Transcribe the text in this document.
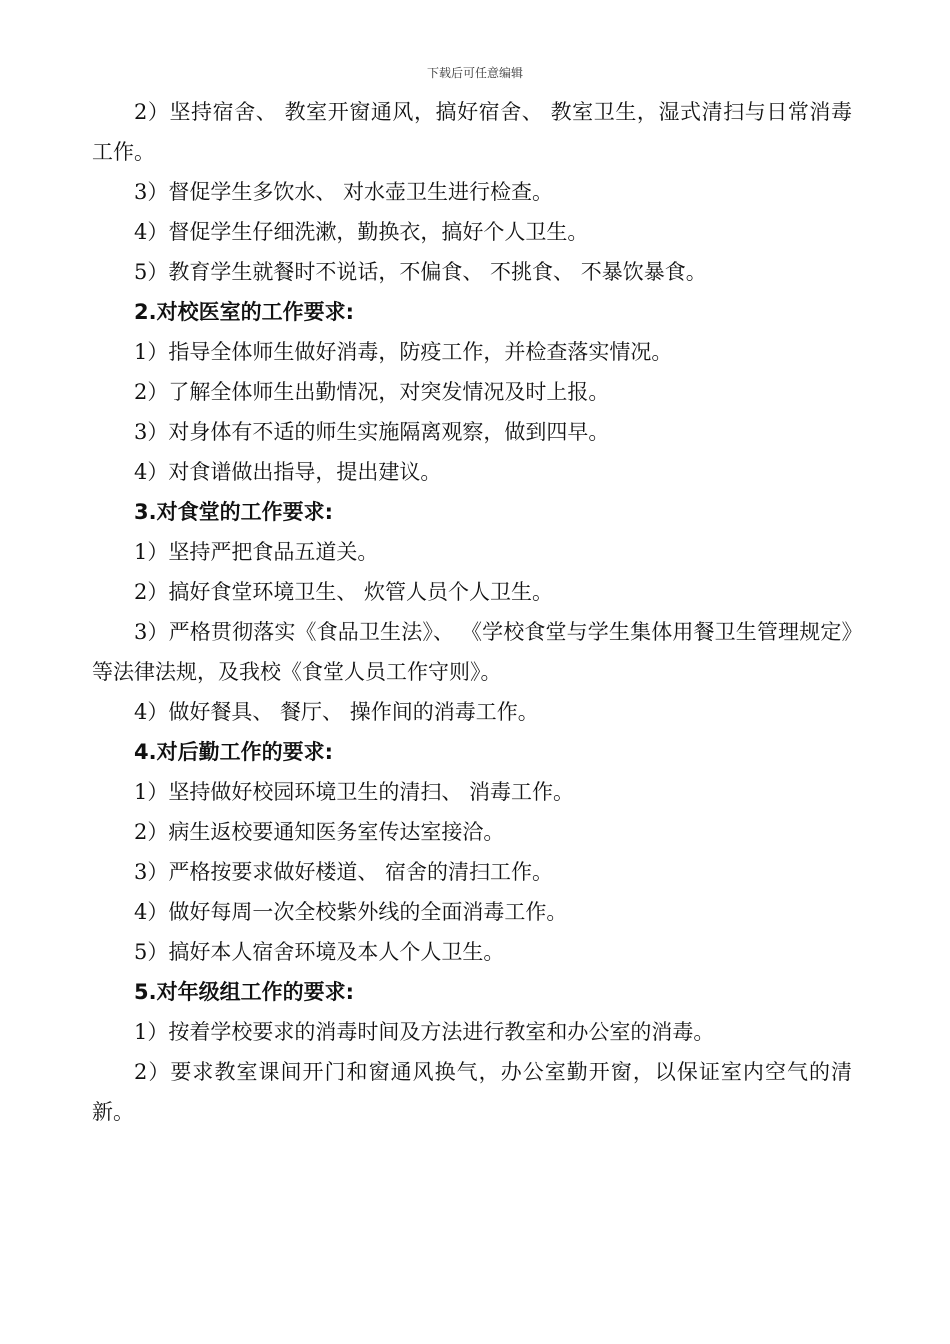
下载后可任意编辑

2）坚持宿舍、 教室开窗通风，搞好宿舍、 教室卫生，湿式清扫与日常消毒工作。

3）督促学生多饮水、 对水壶卫生进行检查。

4）督促学生仔细洗漱，勤换衣，搞好个人卫生。

5）教育学生就餐时不说话，不偏食、 不挑食、 不暴饮暴食。

2.对校医室的工作要求:

1）指导全体师生做好消毒，防疫工作，并检查落实情况。

2）了解全体师生出勤情况，对突发情况及时上报。

3）对身体有不适的师生实施隔离观察，做到四早。

4）对食谱做出指导，提出建议。

3.对食堂的工作要求:

1）坚持严把食品五道关。

2）搞好食堂环境卫生、 炊管人员个人卫生。

3）严格贯彻落实《食品卫生法》、 《学校食堂与学生集体用餐卫生管理规定》等法律法规，及我校《食堂人员工作守则》。

4）做好餐具、 餐厅、 操作间的消毒工作。

4.对后勤工作的要求:

1）坚持做好校园环境卫生的清扫、 消毒工作。

2）病生返校要通知医务室传达室接洽。

3）严格按要求做好楼道、 宿舍的清扫工作。

4）做好每周一次全校紫外线的全面消毒工作。

5）搞好本人宿舍环境及本人个人卫生。

5.对年级组工作的要求:

1）按着学校要求的消毒时间及方法进行教室和办公室的消毒。

2）要求教室课间开门和窗通风换气，办公室勤开窗，以保证室内空气的清新。
